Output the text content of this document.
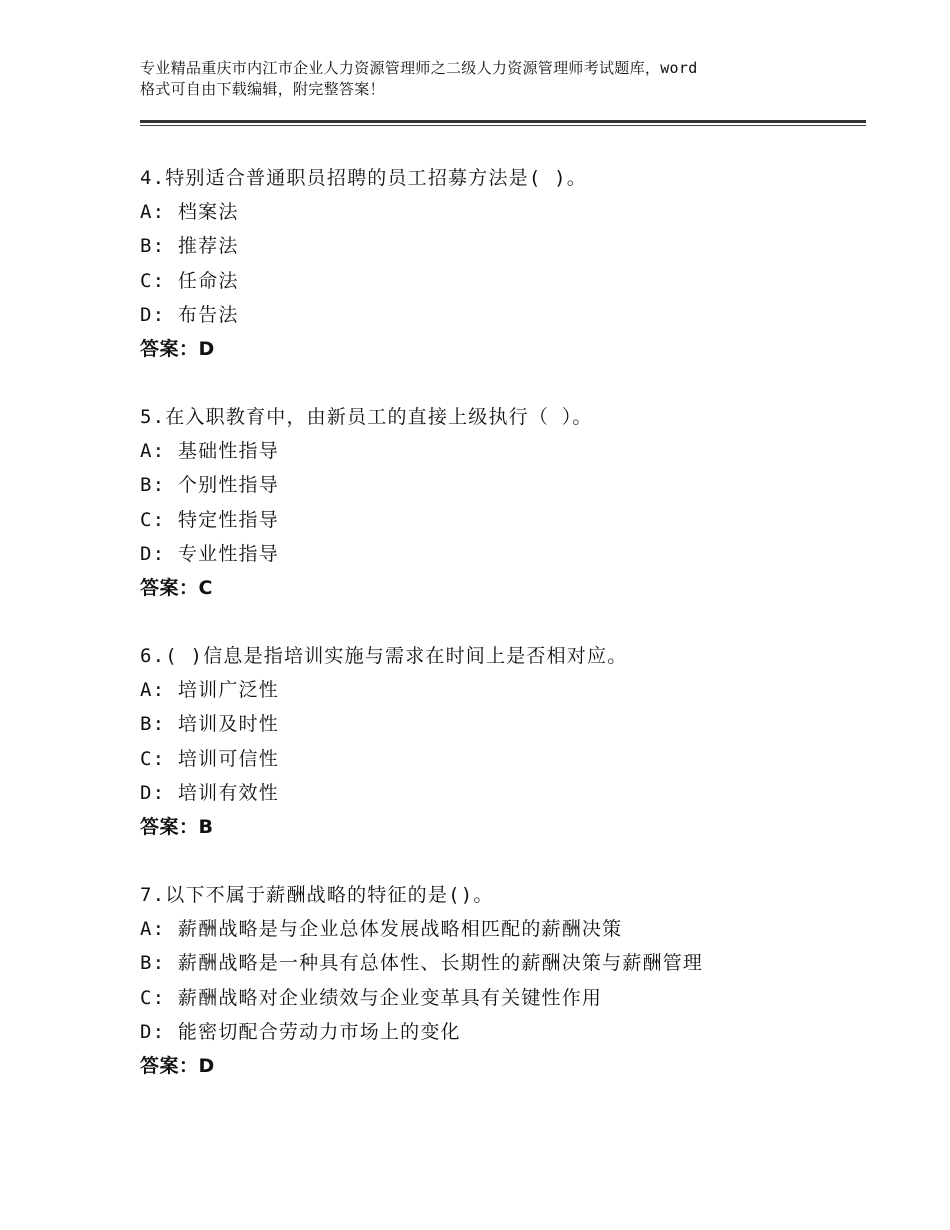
专业精品重庆市内江市企业人力资源管理师之二级人力资源管理师考试题库，word
格式可自由下载编辑，附完整答案！
4.特别适合普通职员招聘的员工招募方法是( )。
A: 档案法
B: 推荐法
C: 任命法
D: 布告法
答案：D
5.在入职教育中，由新员工的直接上级执行（ ）。
A: 基础性指导
B: 个别性指导
C: 特定性指导
D: 专业性指导
答案：C
6.( )信息是指培训实施与需求在时间上是否相对应。
A: 培训广泛性
B: 培训及时性
C: 培训可信性
D: 培训有效性
答案：B
7.以下不属于薪酬战略的特征的是()。
A: 薪酬战略是与企业总体发展战略相匹配的薪酬决策
B: 薪酬战略是一种具有总体性、长期性的薪酬决策与薪酬管理
C: 薪酬战略对企业绩效与企业变革具有关键性作用
D: 能密切配合劳动力市场上的变化
答案：D
